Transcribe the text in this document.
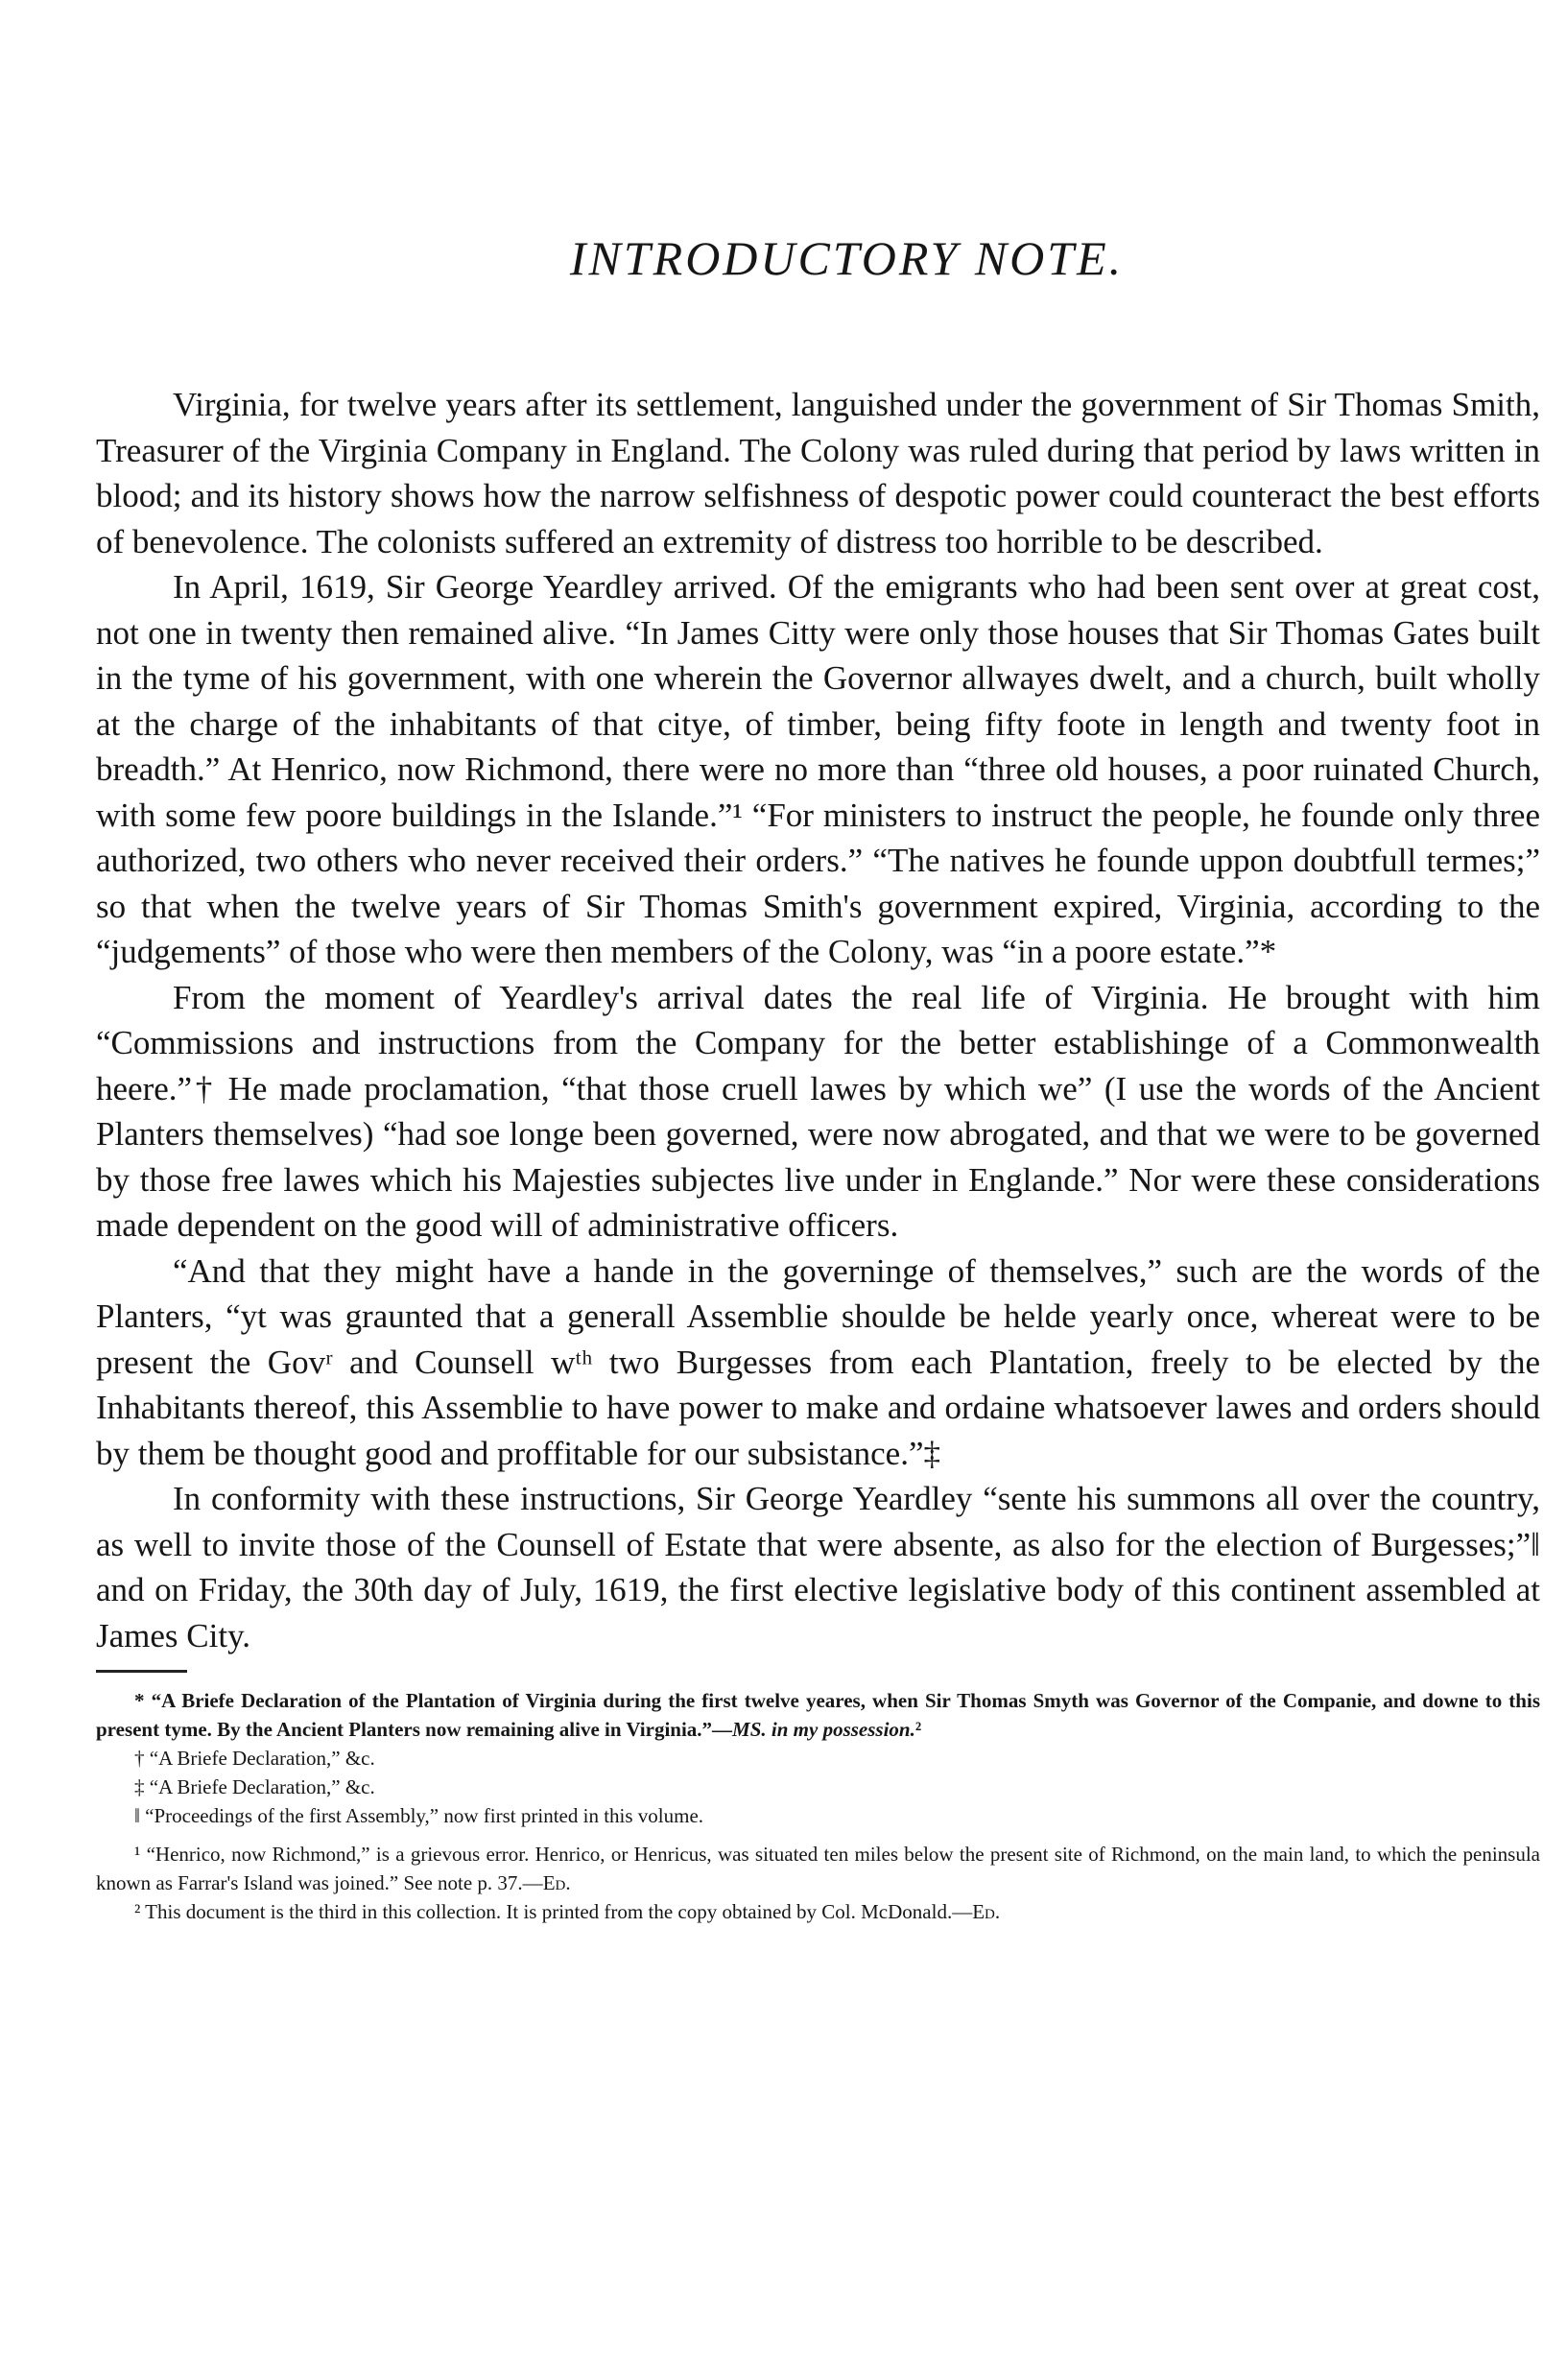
INTRODUCTORY NOTE.

Virginia, for twelve years after its settlement, languished under the government of Sir Thomas Smith, Treasurer of the Virginia Company in England. The Colony was ruled during that period by laws written in blood; and its history shows how the narrow selfishness of despotic power could counteract the best efforts of benevolence. The colonists suffered an extremity of distress too horrible to be described.

In April, 1619, Sir George Yeardley arrived. Of the emigrants who had been sent over at great cost, not one in twenty then remained alive. “In James Citty were only those houses that Sir Thomas Gates built in the tyme of his government, with one wherein the Governor allwayes dwelt, and a church, built wholly at the charge of the inhabitants of that citye, of timber, being fifty foote in length and twenty foot in breadth.” At Henrico, now Richmond, there were no more than “three old houses, a poor ruinated Church, with some few poore buildings in the Islande.”¹ “For ministers to instruct the people, he founde only three authorized, two others who never received their orders.” “The natives he founde uppon doubtfull termes;” so that when the twelve years of Sir Thomas Smith's government expired, Virginia, according to the “judgements” of those who were then members of the Colony, was “in a poore estate.”*

From the moment of Yeardley's arrival dates the real life of Virginia. He brought with him “Commissions and instructions from the Company for the better establishinge of a Commonwealth heere.”† He made proclamation, “that those cruell lawes by which we” (I use the words of the Ancient Planters themselves) “had soe longe been governed, were now abrogated, and that we were to be governed by those free lawes which his Majesties subjectes live under in Englande.” Nor were these considerations made dependent on the good will of administrative officers.

“And that they might have a hande in the governinge of themselves,” such are the words of the Planters, “yt was graunted that a generall Assemblie shoulde be helde yearly once, whereat were to be present the Govʳ and Counsell wᵗʰ two Burgesses from each Plantation, freely to be elected by the Inhabitants thereof, this Assemblie to have power to make and ordaine whatsoever lawes and orders should by them be thought good and proffitable for our subsistance.”‡

In conformity with these instructions, Sir George Yeardley “sente his summons all over the country, as well to invite those of the Counsell of Estate that were absente, as also for the election of Burgesses;”‖ and on Friday, the 30th day of July, 1619, the first elective legislative body of this continent assembled at James City.

* “A Briefe Declaration of the Plantation of Virginia during the first twelve yeares, when Sir Thomas Smyth was Governor of the Companie, and downe to this present tyme. By the Ancient Planters now remaining alive in Virginia.”—MS. in my possession.²

† “A Briefe Declaration,” &c.

‡ “A Briefe Declaration,” &c.

‖ “Proceedings of the first Assembly,” now first printed in this volume.

¹ “Henrico, now Richmond,” is a grievous error. Henrico, or Henricus, was situated ten miles below the present site of Richmond, on the main land, to which the peninsula known as Farrar's Island was joined.” See note p. 37.—Ed.

² This document is the third in this collection. It is printed from the copy obtained by Col. McDonald.—Ed.
